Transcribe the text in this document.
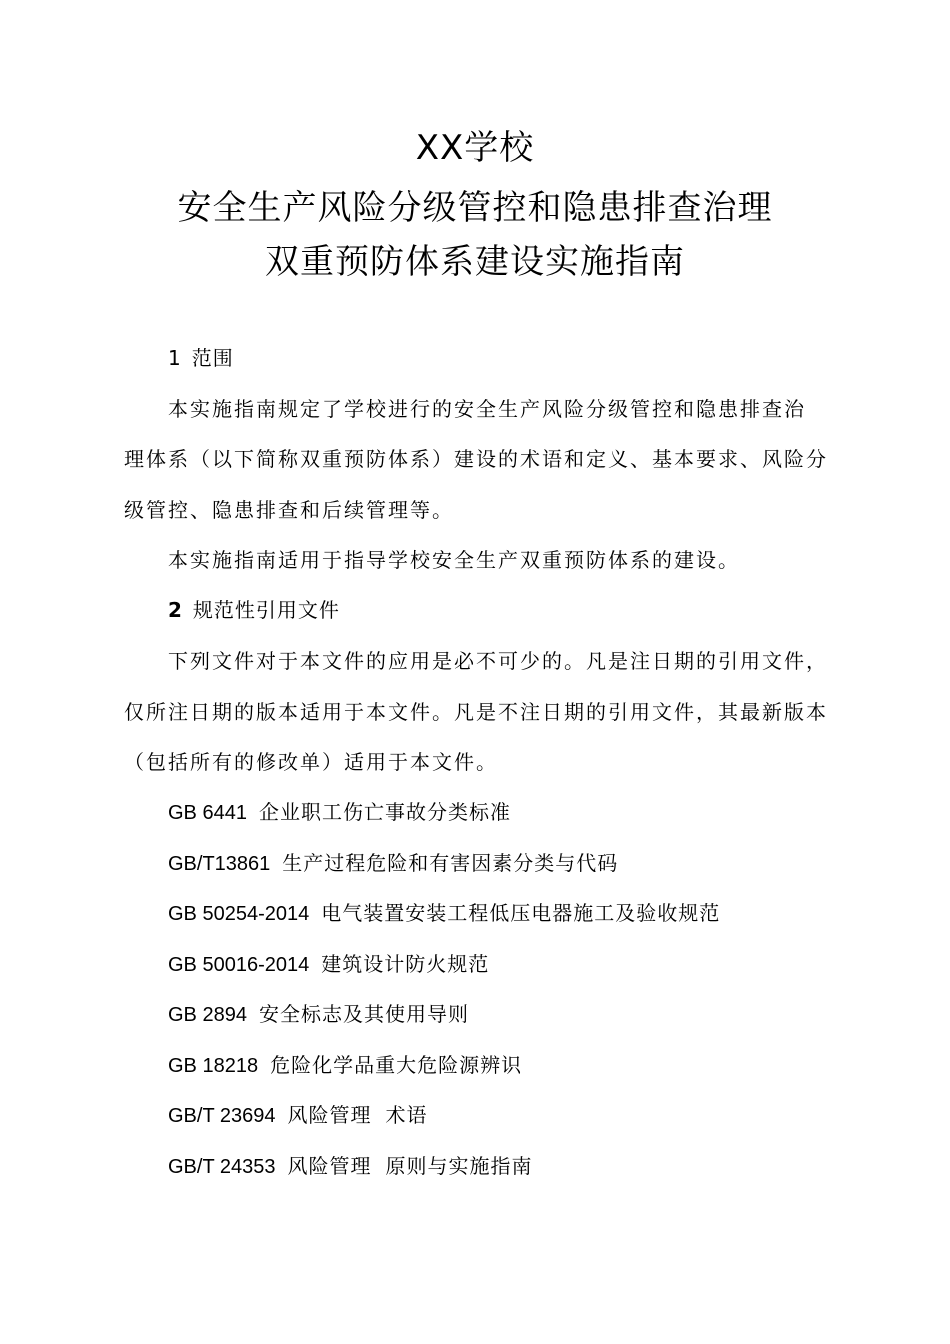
XX学校
安全生产风险分级管控和隐患排查治理
双重预防体系建设实施指南
1 范围
本实施指南规定了学校进行的安全生产风险分级管控和隐患排查治
理体系（以下简称双重预防体系）建设的术语和定义、基本要求、风险分
级管控、隐患排查和后续管理等。
本实施指南适用于指导学校安全生产双重预防体系的建设。
2 规范性引用文件
下列文件对于本文件的应用是必不可少的。凡是注日期的引用文件，
仅所注日期的版本适用于本文件。凡是不注日期的引用文件，其最新版本
（包括所有的修改单）适用于本文件。
GB 6441 企业职工伤亡事故分类标准
GB/T13861 生产过程危险和有害因素分类与代码
GB 50254-2014 电气装置安装工程低压电器施工及验收规范
GB 50016-2014 建筑设计防火规范
GB 2894 安全标志及其使用导则
GB 18218 危险化学品重大危险源辨识
GB/T 23694 风险管理 术语
GB/T 24353 风险管理 原则与实施指南
